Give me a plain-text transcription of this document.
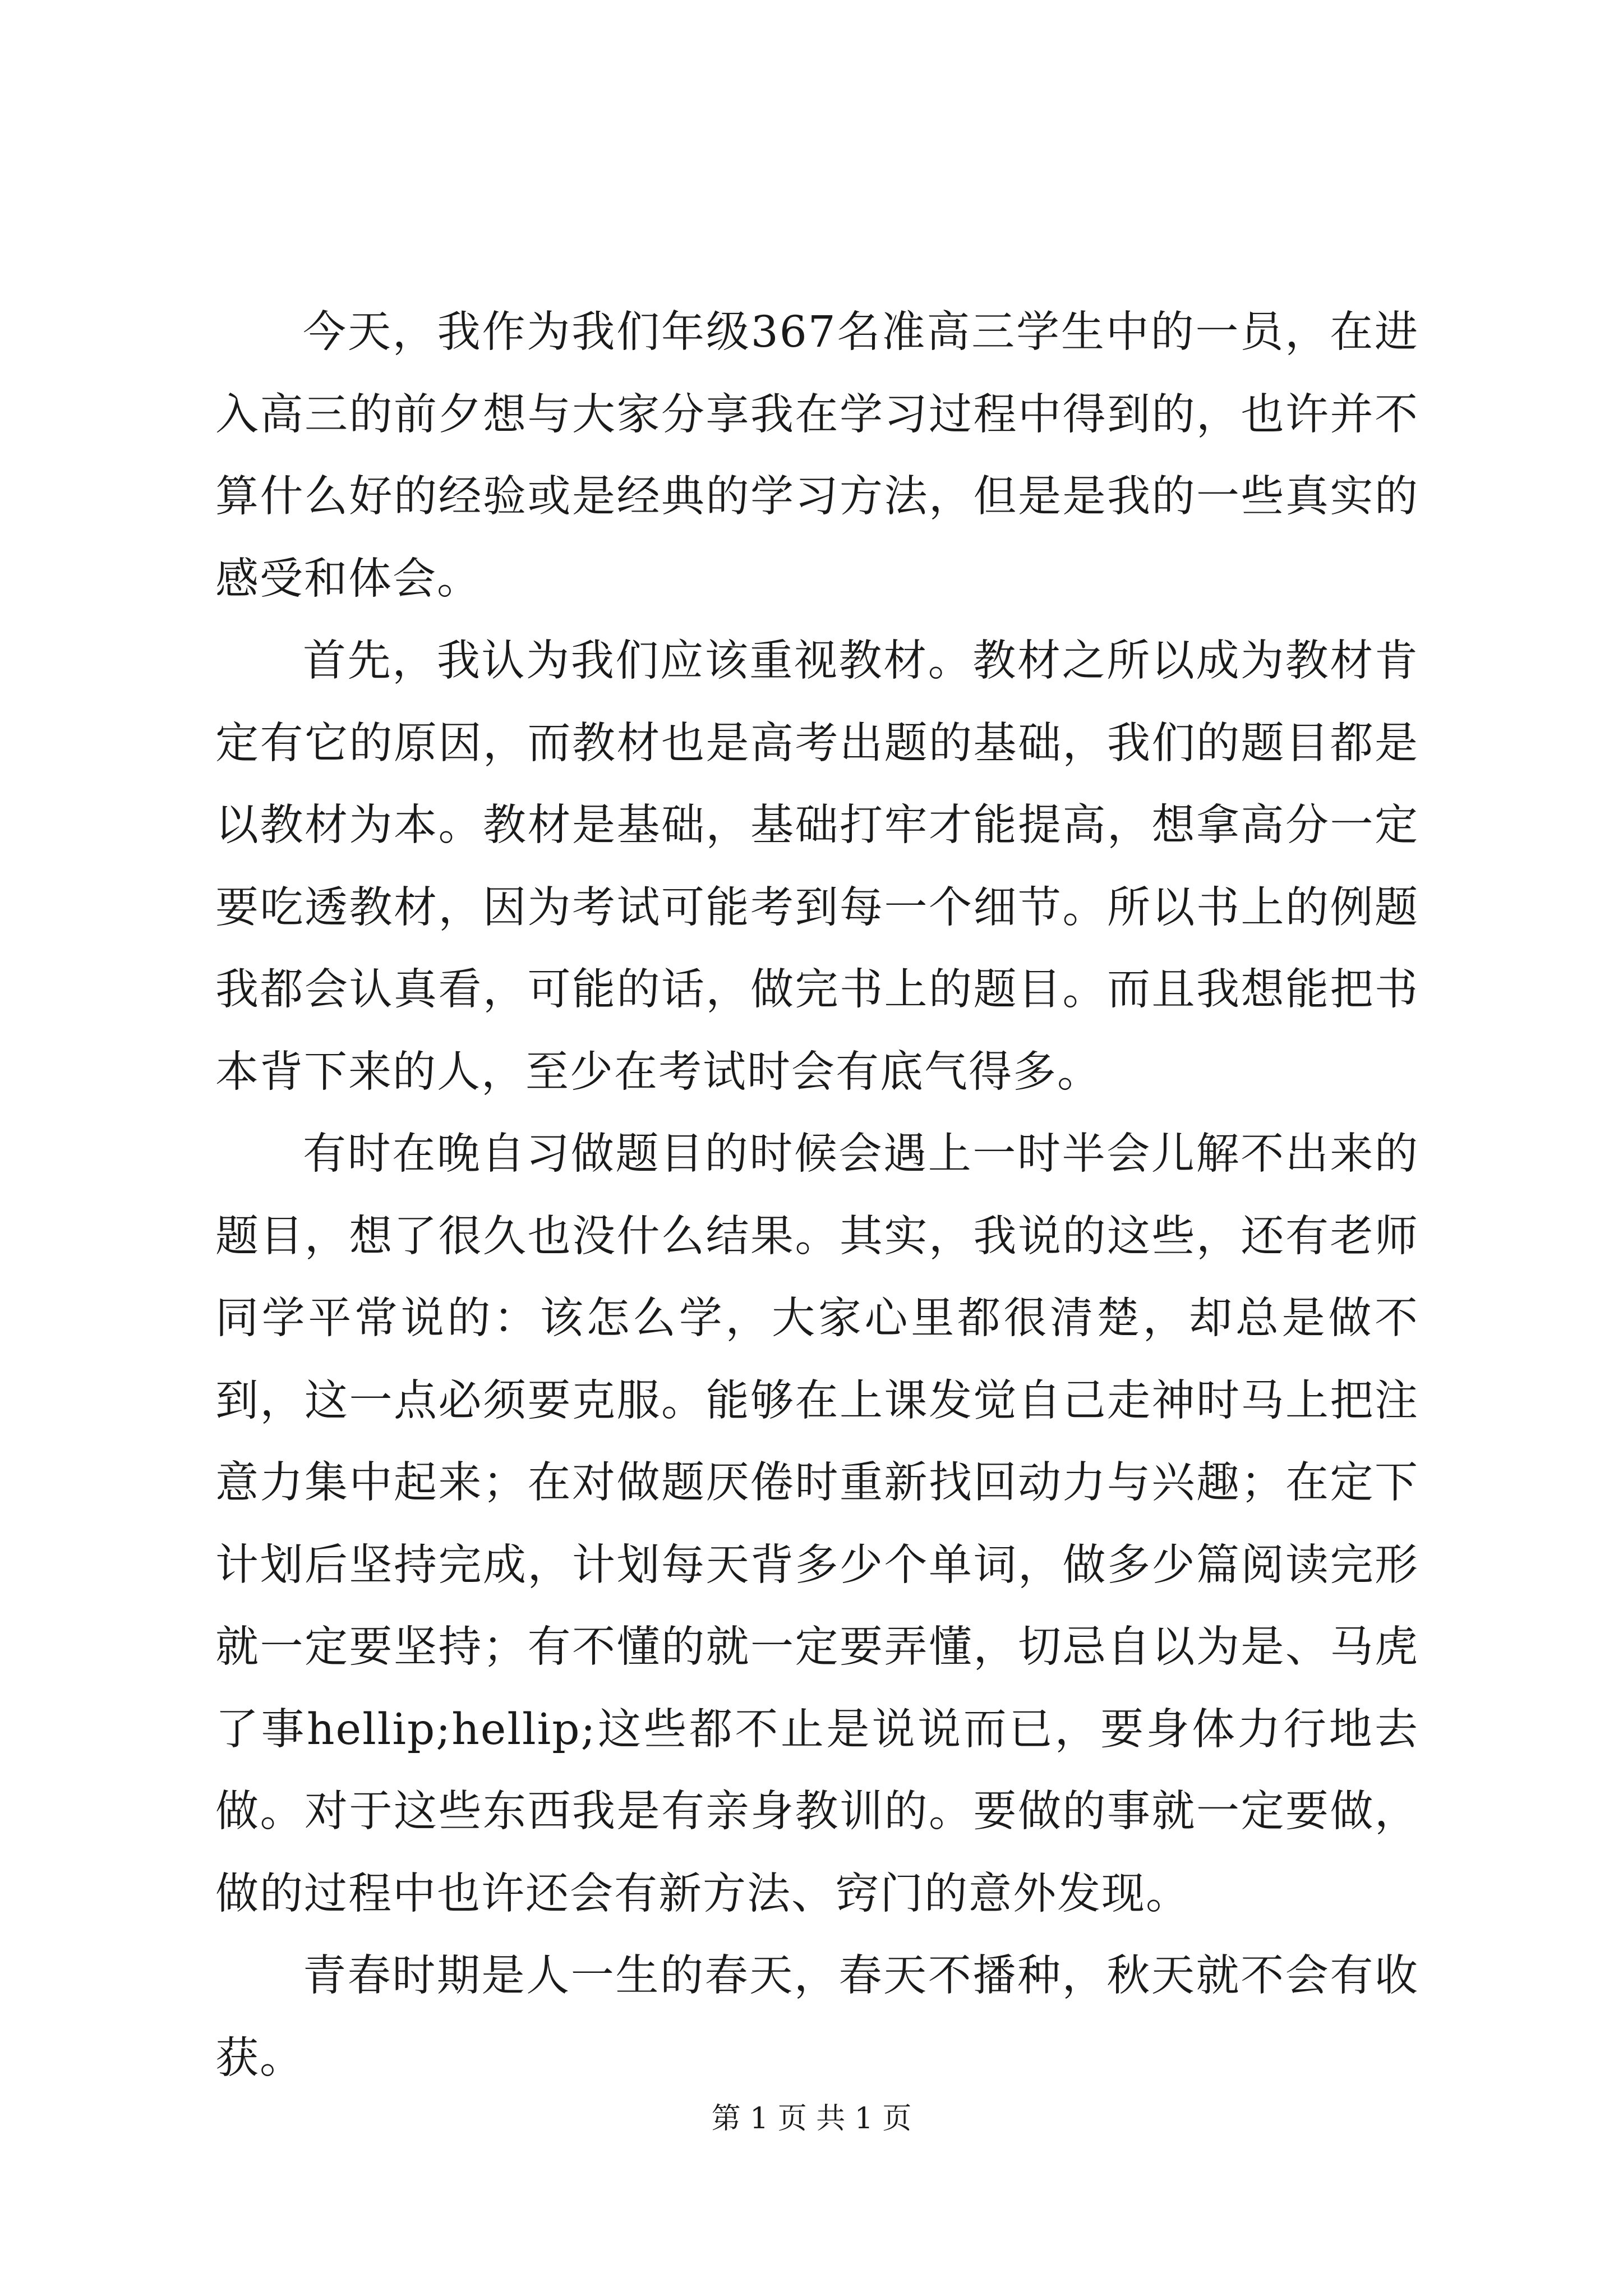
今天，我作为我们年级367名准高三学生中的一员，在进入高三的前夕想与大家分享我在学习过程中得到的，也许并不算什么好的经验或是经典的学习方法，但是是我的一些真实的感受和体会。

首先，我认为我们应该重视教材。教材之所以成为教材肯定有它的原因，而教材也是高考出题的基础，我们的题目都是以教材为本。教材是基础，基础打牢才能提高，想拿高分一定要吃透教材，因为考试可能考到每一个细节。所以书上的例题我都会认真看，可能的话，做完书上的题目。而且我想能把书本背下来的人，至少在考试时会有底气得多。

有时在晚自习做题目的时候会遇上一时半会儿解不出来的题目，想了很久也没什么结果。其实，我说的这些，还有老师同学平常说的：该怎么学，大家心里都很清楚，却总是做不到，这一点必须要克服。能够在上课发觉自己走神时马上把注意力集中起来；在对做题厌倦时重新找回动力与兴趣；在定下计划后坚持完成，计划每天背多少个单词，做多少篇阅读完形就一定要坚持；有不懂的就一定要弄懂，切忌自以为是、马虎了事hellip;hellip;这些都不止是说说而已，要身体力行地去做。对于这些东西我是有亲身教训的。要做的事就一定要做，做的过程中也许还会有新方法、窍门的意外发现。

青春时期是人一生的春天，春天不播种，秋天就不会有收获。

第 1 页 共 1 页
